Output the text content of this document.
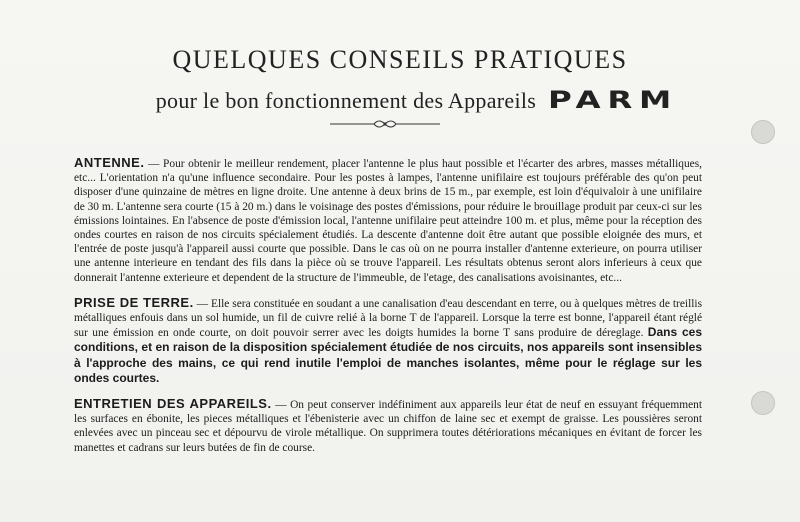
QUELQUES CONSEILS PRATIQUES
pour le bon fonctionnement des Appareils PARM

ANTENNE. — Pour obtenir le meilleur rendement, placer l'antenne le plus haut possible et l'écarter des arbres, masses métalliques, etc... L'orientation n'a qu'une influence secondaire. Pour les postes à lampes, l'antenne unifilaire est toujours préférable des qu'on peut disposer d'une quinzaine de mètres en ligne droite. Une antenne à deux brins de 15 m., par exemple, est loin d'équivaloir à une unifilaire de 30 m. L'antenne sera courte (15 à 20 m.) dans le voisinage des postes d'émissions, pour réduire le brouillage produit par ceux-ci sur les émissions lointaines. En l'absence de poste d'émission local, l'antenne unifilaire peut atteindre 100 m. et plus, même pour la réception des ondes courtes en raison de nos circuits spécialement étudiés. La descente d'antenne doit être autant que possible eloignée des murs, et l'entrée de poste jusqu'à l'appareil aussi courte que possible. Dans le cas où on ne pourra installer d'antenne exterieure, on pourra utiliser une antenne interieure en tendant des fils dans la pièce où se trouve l'appareil. Les résultats obtenus seront alors inferieurs à ceux que donnerait l'antenne exterieure et dependent de la structure de l'immeuble, de l'etage, des canalisations avoisinantes, etc...

PRISE DE TERRE. — Elle sera constituée en soudant a une canalisation d'eau descendant en terre, ou à quelques mètres de treillis métalliques enfouis dans un sol humide, un fil de cuivre relié à la borne T de l'appareil. Lorsque la terre est bonne, l'appareil étant réglé sur une émission en onde courte, on doit pouvoir serrer avec les doigts humides la borne T sans produire de déreglage. Dans ces conditions, et en raison de la disposition spécialement étudiée de nos circuits, nos appareils sont insensibles à l'approche des mains, ce qui rend inutile l'emploi de manches isolantes, même pour le réglage sur les ondes courtes.

ENTRETIEN DES APPAREILS. — On peut conserver indéfiniment aux appareils leur état de neuf en essuyant fréquemment les surfaces en ébonite, les pieces métalliques et l'ébenisterie avec un chiffon de laine sec et exempt de graisse. Les poussières seront enlevées avec un pinceau sec et dépourvu de virole métallique. On supprimera toutes détériorations mécaniques en évitant de forcer les manettes et cadrans sur leurs butées de fin de course.
